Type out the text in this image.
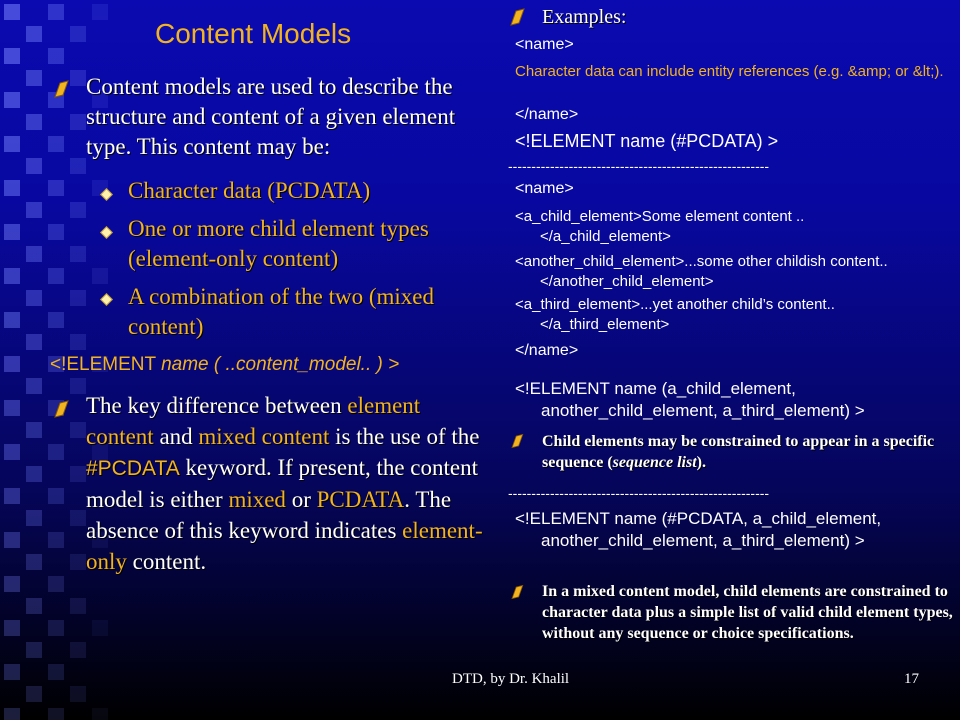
Content Models
Content models are used to describe the structure and content of a given element type. This content may be:
Character data (PCDATA)
One or more child element types (element-only content)
A combination of the two (mixed content)
<!ELEMENT name ( ..content_model.. ) >
The key difference between element content and mixed content is the use of the #PCDATA keyword. If present, the content model is either mixed or PCDATA. The absence of this keyword indicates element-only content.
Examples:
<name>
Character data can include entity references (e.g. &amp; or &lt;).
</name>
<!ELEMENT name (#PCDATA) >
--------------------------------------------------------
<name>
<a_child_element>Some element content ..</a_child_element>
<another_child_element>...some other childish content..</another_child_element>
<a_third_element>...yet another child’s content..</a_third_element>
</name>
<!ELEMENT name (a_child_element, another_child_element, a_third_element) >
Child elements may be constrained to appear in a specific sequence (sequence list).
--------------------------------------------------------
<!ELEMENT name (#PCDATA, a_child_element, another_child_element, a_third_element) >
In a mixed content model, child elements are constrained to character data plus a simple list of valid child element types, without any sequence or choice specifications.
DTD, by Dr. Khalil	17
